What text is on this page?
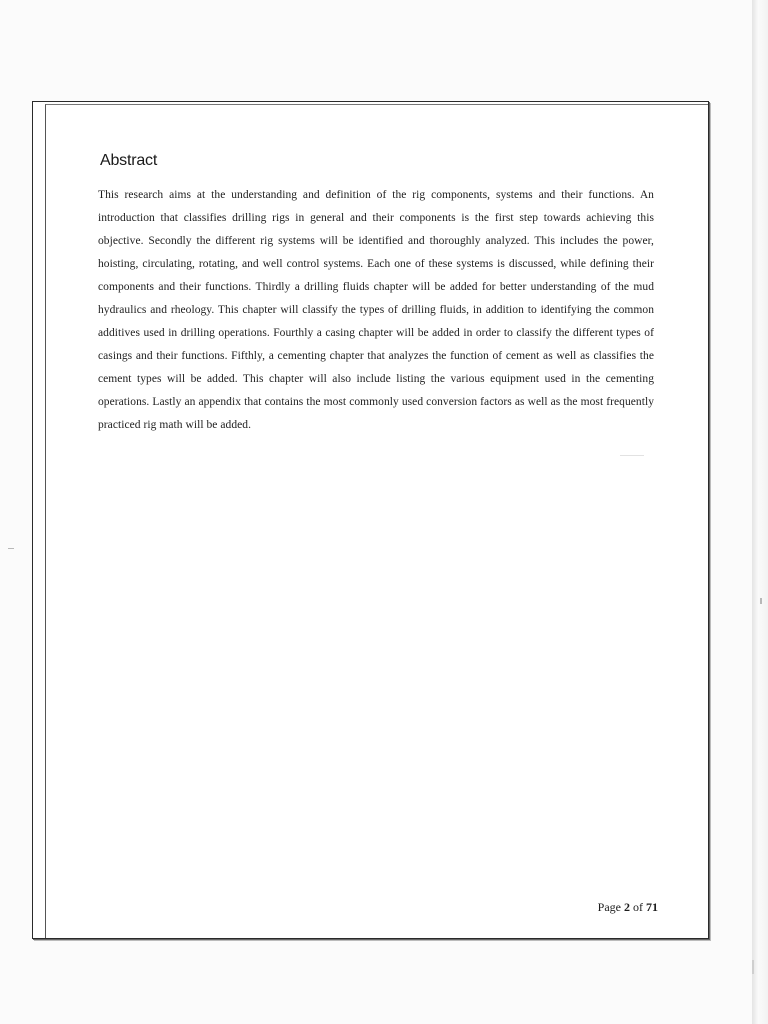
Abstract

This research aims at the understanding and definition of the rig components, systems and their functions. An introduction that classifies drilling rigs in general and their components is the first step towards achieving this objective. Secondly the different rig systems will be identified and thoroughly analyzed. This includes the power, hoisting, circulating, rotating, and well control systems. Each one of these systems is discussed, while defining their components and their functions. Thirdly a drilling fluids chapter will be added for better understanding of the mud hydraulics and rheology. This chapter will classify the types of drilling fluids, in addition to identifying the common additives used in drilling operations. Fourthly a casing chapter will be added in order to classify the different types of casings and their functions. Fifthly, a cementing chapter that analyzes the function of cement as well as classifies the cement types will be added. This chapter will also include listing the various equipment used in the cementing operations. Lastly an appendix that contains the most commonly used conversion factors as well as the most frequently practiced rig math will be added.

Page 2 of 71
